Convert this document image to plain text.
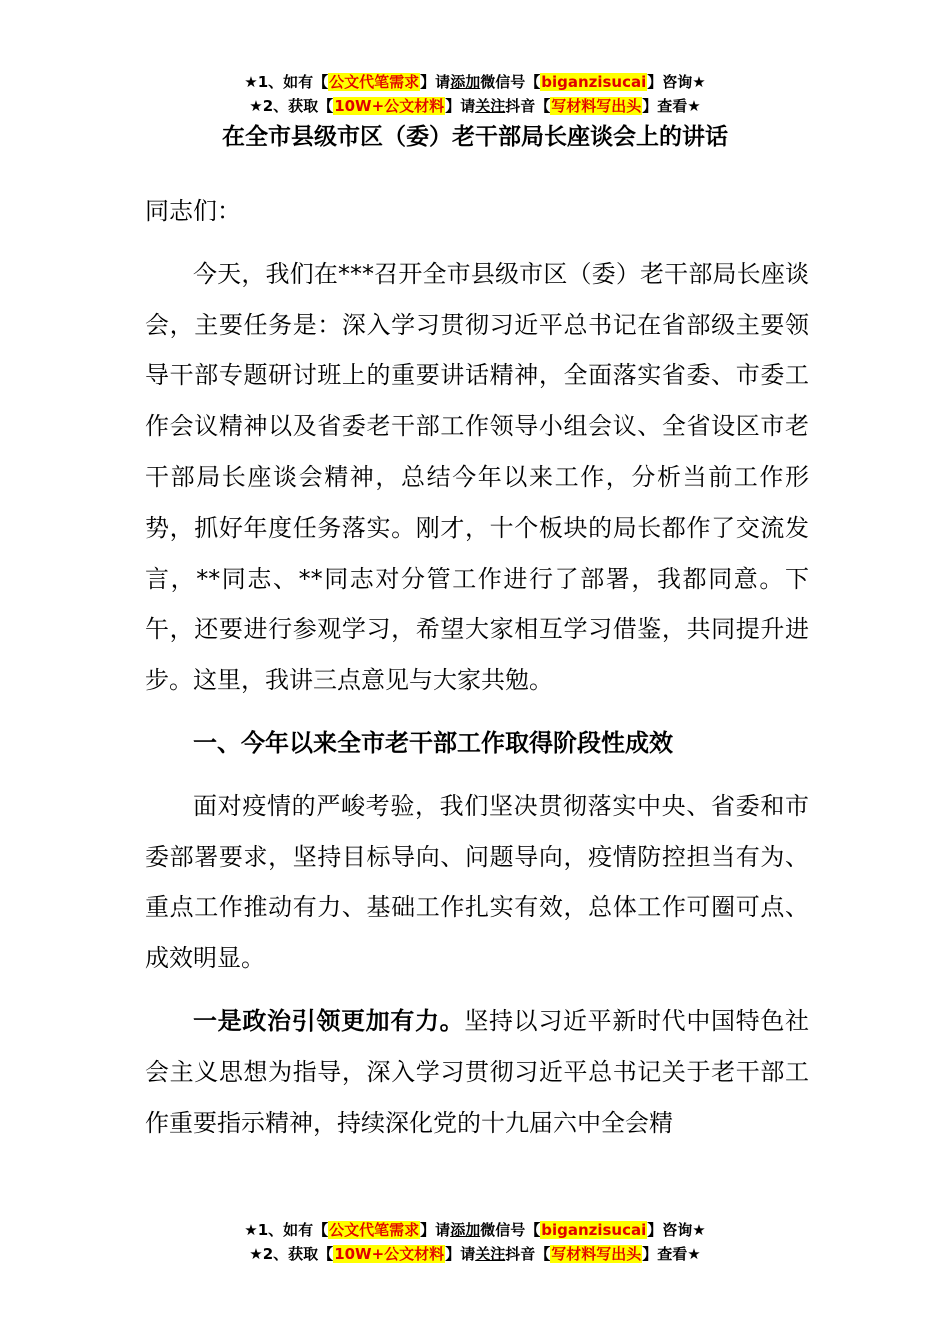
★1、如有【公文代笔需求】请添加微信号【biganzisucai】咨询★
★2、获取【10W+公文材料】请关注抖音【写材料写出头】查看★
在全市县级市区（委）老干部局长座谈会上的讲话

同志们：

今天，我们在***召开全市县级市区（委）老干部局长座谈会，主要任务是：深入学习贯彻习近平总书记在省部级主要领导干部专题研讨班上的重要讲话精神，全面落实省委、市委工作会议精神以及省委老干部工作领导小组会议、全省设区市老干部局长座谈会精神，总结今年以来工作，分析当前工作形势，抓好年度任务落实。刚才，十个板块的局长都作了交流发言，**同志、**同志对分管工作进行了部署，我都同意。下午，还要进行参观学习，希望大家相互学习借鉴，共同提升进步。这里，我讲三点意见与大家共勉。

一、今年以来全市老干部工作取得阶段性成效

面对疫情的严峻考验，我们坚决贯彻落实中央、省委和市委部署要求，坚持目标导向、问题导向，疫情防控担当有为、重点工作推动有力、基础工作扎实有效，总体工作可圈可点、成效明显。

一是政治引领更加有力。坚持以习近平新时代中国特色社会主义思想为指导，深入学习贯彻习近平总书记关于老干部工作重要指示精神，持续深化党的十九届六中全会精

★1、如有【公文代笔需求】请添加微信号【biganzisucai】咨询★
★2、获取【10W+公文材料】请关注抖音【写材料写出头】查看★
